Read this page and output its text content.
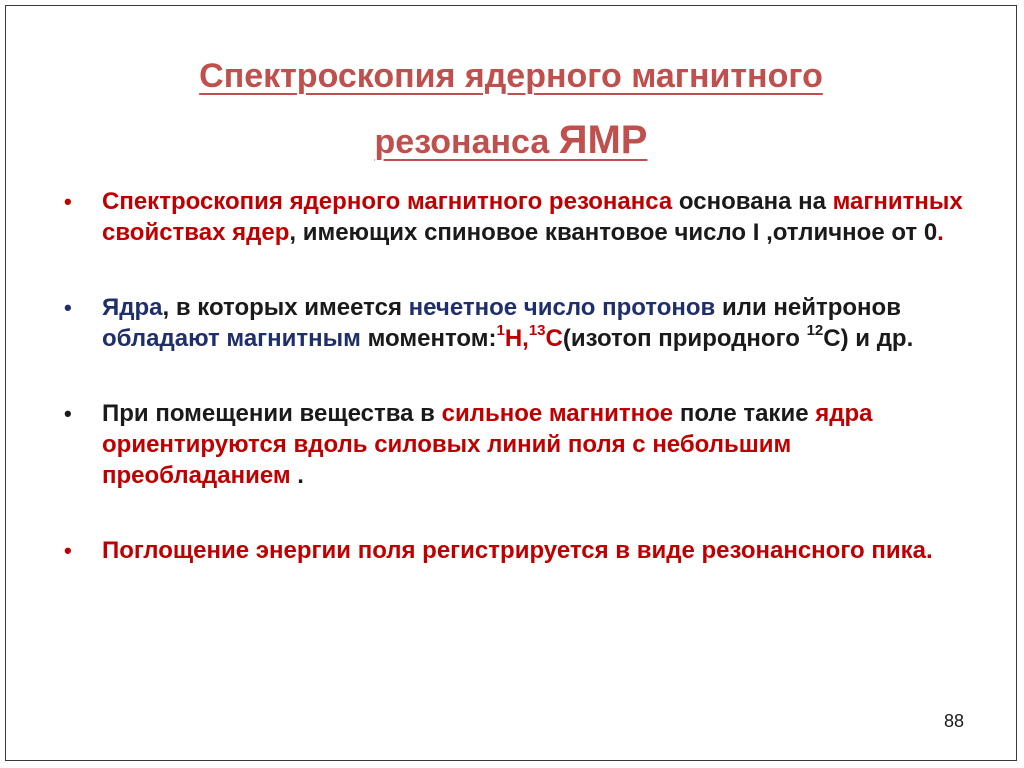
Спектроскопия ядерного магнитного
резонанса ЯМР
• Спектроскопия ядерного магнитного резонанса основана на магнитных свойствах ядер, имеющих спиновое квантовое число I ,отличное от 0.
• Ядра, в которых имеется нечетное число протонов или нейтронов обладают магнитным моментом:$^1$H,$^{13}$C(изотоп природного $^{12}$C) и др.
• При помещении вещества в сильное магнитное поле такие ядра ориентируются вдоль силовых линий поля с небольшим преобладанием .
• Поглощение энергии поля регистрируется в виде резонансного пика.
88
